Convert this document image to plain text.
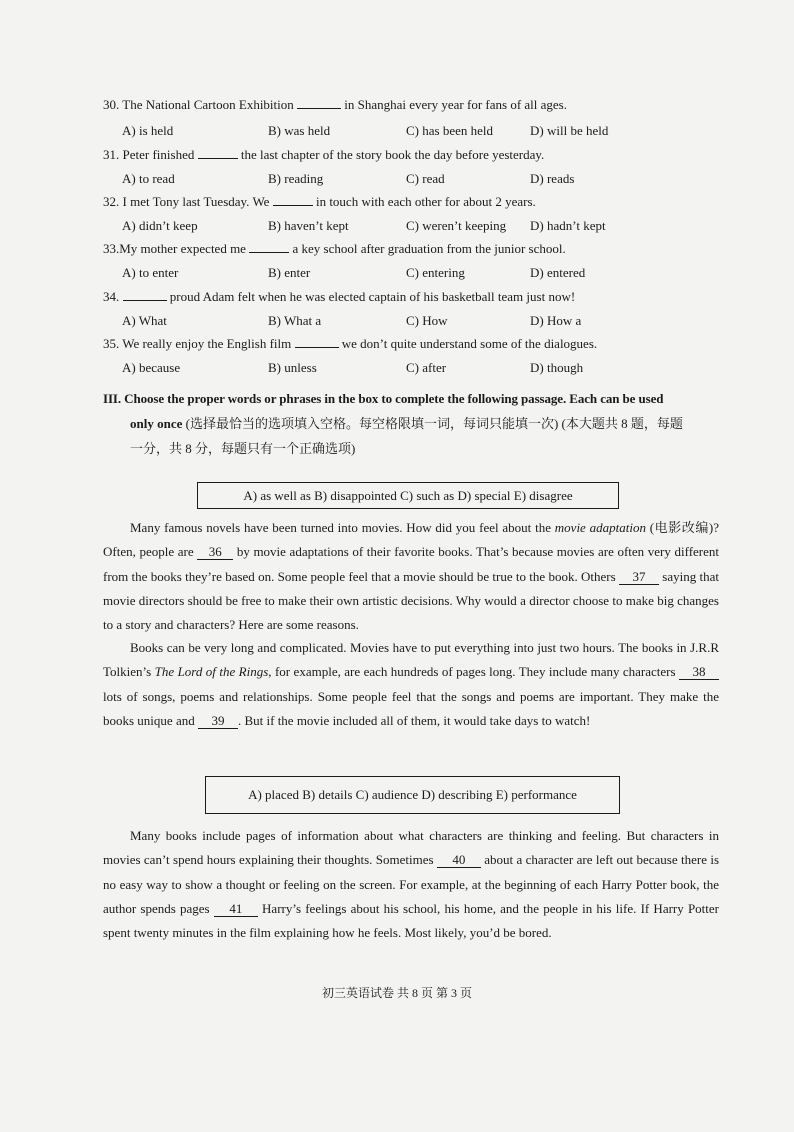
30. The National Cartoon Exhibition	in Shanghai every year for fans of all ages.
A) is held	B) was held	C) has been held	D) will be held
31. Peter finished	the last chapter of the story book the day before yesterday.
A) to read	B) reading	C) read	D) reads
32. I met Tony last Tuesday. We	in touch with each other for about 2 years.
A) didn’t keep	B) haven’t kept	C) weren’t keeping D) hadn’t kept
33.My mother expected me	a key school after graduation from the junior school.
A) to enter	B) enter	C) entering	D) entered
34.	proud Adam felt when he was elected captain of his basketball team just now!
A) What	B) What a	C) How	D) How a
35. We really enjoy the English film	we don’t quite understand some of the dialogues.
A) because	B) unless	C) after	D) though
III. Choose the proper words or phrases in the box to complete the following passage. Each can be used
only once (选择最恰当的选项填入空格。每空格限填一词，每词只能填一次) (本大题共 8 题，每题
一分，共 8 分，每题只有一个正确选项)
A) as well as B) disappointed C) such as D) special E) disagree
Many famous novels have been turned into movies. How did you feel about the movie adaptation (电影改编)? Often, people are 36 by movie adaptations of their favorite books. That’s because movies are often very different from the books they’re based on. Some people feel that a movie should be true to the book. Others 37 saying that movie directors should be free to make their own artistic decisions. Why would a director choose to make big changes to a story and characters? Here are some reasons.
Books can be very long and complicated. Movies have to put everything into just two hours. The books in J.R.R Tolkien’s The Lord of the Rings, for example, are each hundreds of pages long. They include many characters 38 lots of songs, poems and relationships. Some people feel that the songs and poems are important. They make the books unique and 39 . But if the movie included all of them, it would take days to watch!
A) placed B) details C) audience D) describing E) performance
Many books include pages of information about what characters are thinking and feeling. But characters in movies can’t spend hours explaining their thoughts. Sometimes 40 about a character are left out because there is no easy way to show a thought or feeling on the screen. For example, at the beginning of each Harry Potter book, the author spends pages 41 Harry’s feelings about his school, his home, and the people in his life. If Harry Potter spent twenty minutes in the film explaining how he feels. Most likely, you’d be bored.
初三英语试卷 共 8 页 第 3 页
